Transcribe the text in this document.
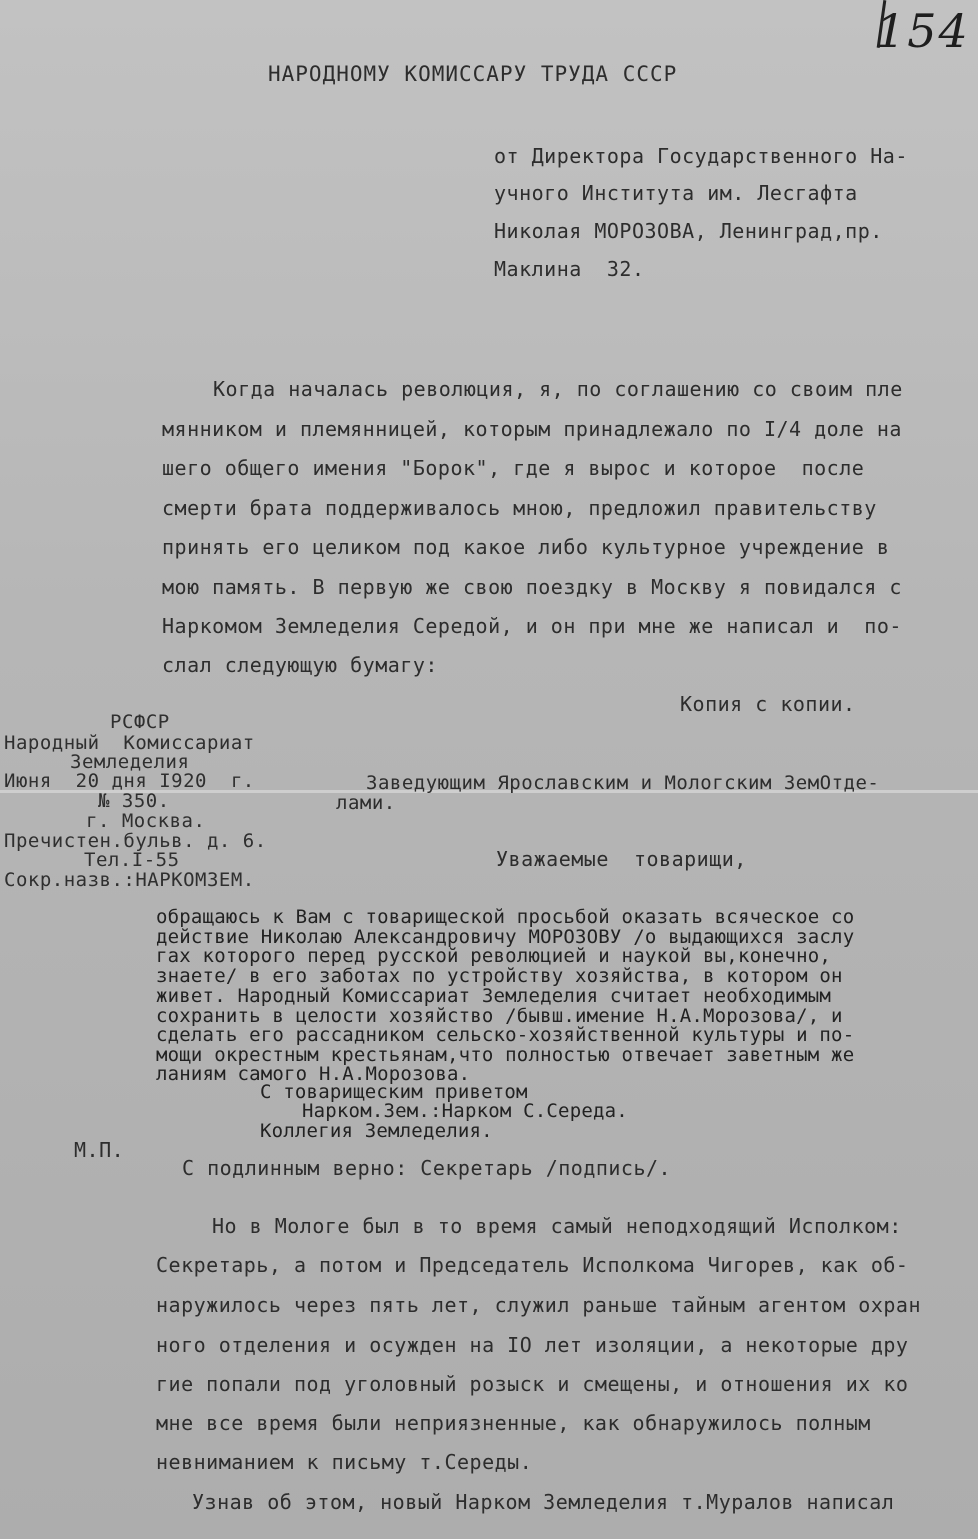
154
НАРОДНОМУ КОМИССАРУ ТРУДА СССР
от Директора Государственного На-
учного Института им. Лесгафта
Николая МОРОЗОВА, Ленинград,пр.
Маклина  32.
Когда началась революция, я, по соглашению со своим пле
мянником и племянницей, которым принадлежало по I/4 доле на
шего общего имения "Борок", где я вырос и которое  после
смерти брата поддерживалось мною, предложил правительству
принять его целиком под какое либо культурное учреждение в
мою память. В первую же свою поездку в Москву я повидался с
Наркомом Земледелия Середой, и он при мне же написал и  по-
слал следующую бумагу:
Копия с копии.
РСФСР
Народный  Комиссариат
Земледелия
Июня  20 дня I920  г.
№ 350.
г. Москва.
Пречистен.бульв. д. 6.
Тел.I-55
Сокр.назв.:НАРКОМЗЕМ.
Заведующим Ярославским и Мологским ЗемОтде-
лами.
Уважаемые  товарищи,
обращаюсь к Вам с товарищеской просьбой оказать всяческое со
действие Николаю Александровичу МОРОЗОВУ /о выдающихся заслу
гах которого перед русской революцией и наукой вы,конечно,
знаете/ в его заботах по устройству хозяйства, в котором он
живет. Народный Комиссариат Земледелия считает необходимым
сохранить в целости хозяйство /бывш.имение Н.А.Морозова/, и
сделать его рассадником сельско-хозяйственной культуры и по-
мощи окрестным крестьянам,что полностью отвечает заветным же
ланиям самого Н.А.Морозова.
С товарищеским приветом
Нарком.Зем.:Нарком С.Середа.
Коллегия Земледелия.
М.П.
С подлинным верно: Секретарь /подпись/.
Но в Мологе был в то время самый неподходящий Исполком:
Секретарь, а потом и Председатель Исполкома Чигорев, как об-
наружилось через пять лет, служил раньше тайным агентом охран
ного отделения и осужден на IO лет изоляции, а некоторые дру
гие попали под уголовный розыск и смещены, и отношения их ко
мне все время были неприязненные, как обнаружилось полным
невниманием к письму т.Середы.
Узнав об этом, новый Нарком Земледелия т.Муралов написал
